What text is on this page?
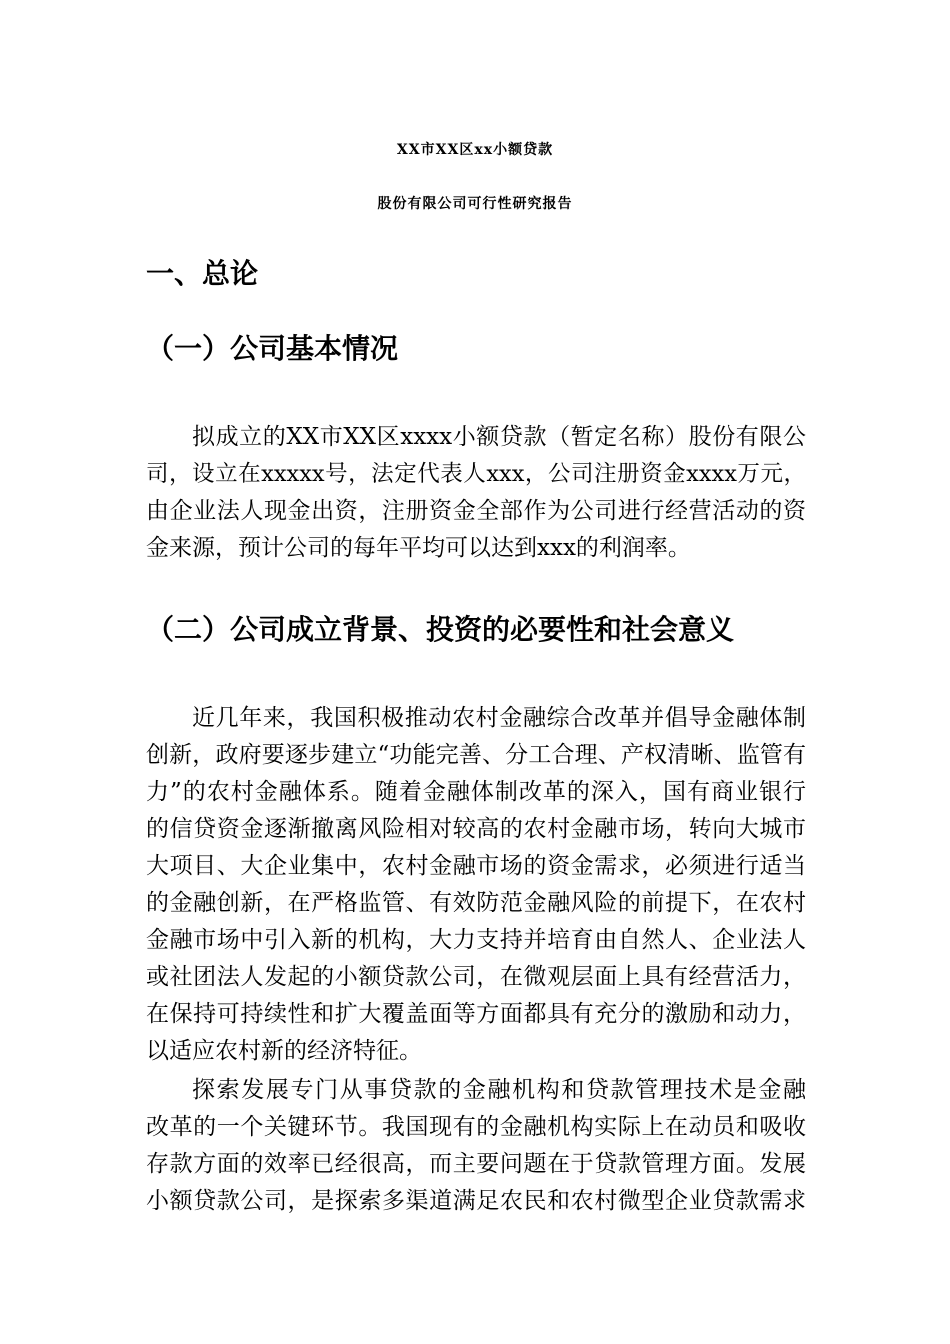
XX市XX区xx小额贷款
股份有限公司可行性研究报告
一、总论
（一）公司基本情况
拟成立的XX市XX区xxxx小额贷款（暂定名称）股份有限公
司，设立在xxxxx号，法定代表人xxx，公司注册资金xxxx万元，
由企业法人现金出资，注册资金全部作为公司进行经营活动的资
金来源，预计公司的每年平均可以达到xxx的利润率。
（二）公司成立背景、投资的必要性和社会意义
近几年来，我国积极推动农村金融综合改革并倡导金融体制
创新，政府要逐步建立“功能完善、分工合理、产权清晰、监管有
力”的农村金融体系。随着金融体制改革的深入，国有商业银行
的信贷资金逐渐撤离风险相对较高的农村金融市场，转向大城市
大项目、大企业集中，农村金融市场的资金需求，必须进行适当
的金融创新，在严格监管、有效防范金融风险的前提下，在农村
金融市场中引入新的机构，大力支持并培育由自然人、企业法人
或社团法人发起的小额贷款公司，在微观层面上具有经营活力，
在保持可持续性和扩大覆盖面等方面都具有充分的激励和动力，
以适应农村新的经济特征。
探索发展专门从事贷款的金融机构和贷款管理技术是金融
改革的一个关键环节。我国现有的金融机构实际上在动员和吸收
存款方面的效率已经很高，而主要问题在于贷款管理方面。发展
小额贷款公司，是探索多渠道满足农民和农村微型企业贷款需求
